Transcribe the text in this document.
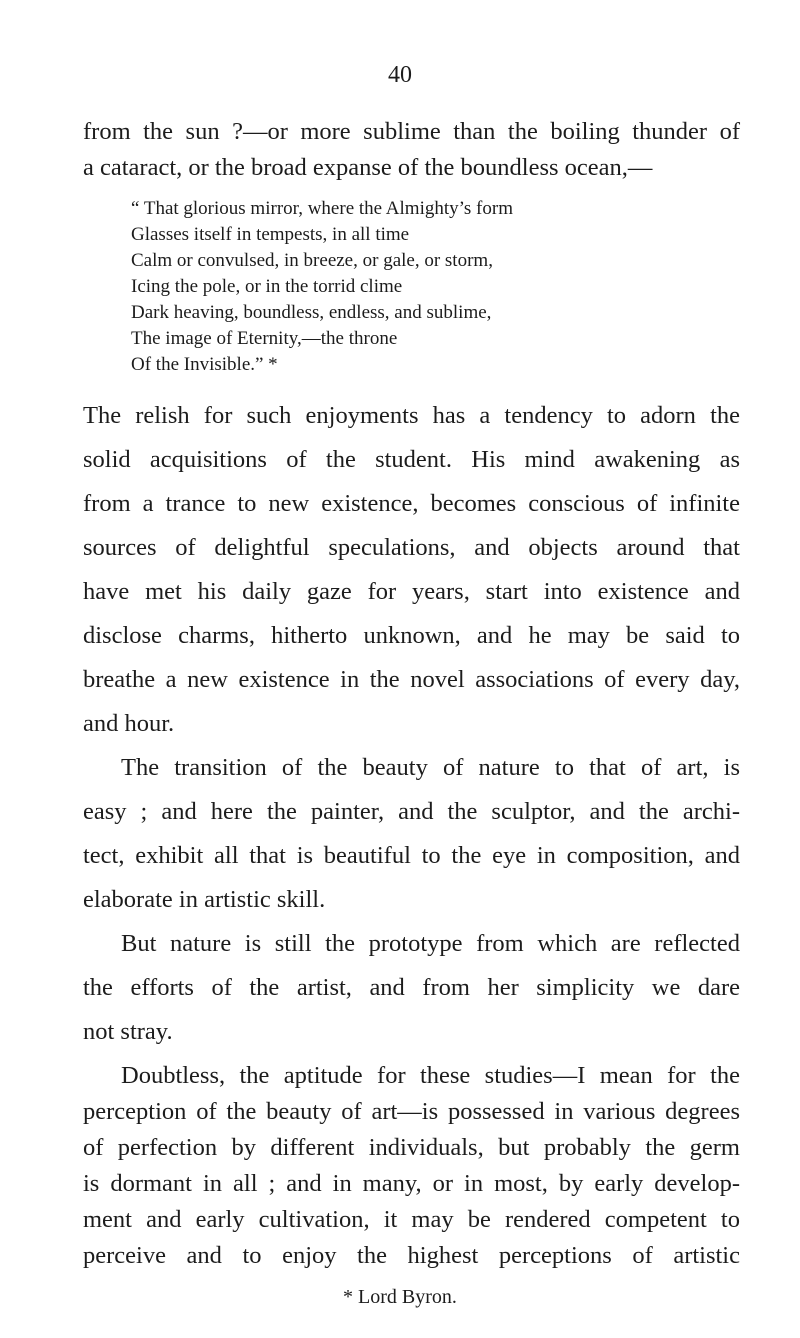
40
from the sun ?—or more sublime than the boiling thunder of
a cataract, or the broad expanse of the boundless ocean,—
“ That glorious mirror, where the Almighty’s form
Glasses itself in tempests, in all time
Calm or convulsed, in breeze, or gale, or storm,
Icing the pole, or in the torrid clime
Dark heaving, boundless, endless, and sublime,
The image of Eternity,—the throne
Of the Invisible.” *
The relish for such enjoyments has a tendency to adorn the
solid acquisitions of the student. His mind awakening as
from a trance to new existence, becomes conscious of infinite
sources of delightful speculations, and objects around that
have met his daily gaze for years, start into existence and
disclose charms, hitherto unknown, and he may be said to
breathe a new existence in the novel associations of every day,
and hour.
The transition of the beauty of nature to that of art, is
easy ; and here the painter, and the sculptor, and the archi-
tect, exhibit all that is beautiful to the eye in composition, and
elaborate in artistic skill.
But nature is still the prototype from which are reflected
the efforts of the artist, and from her simplicity we dare
not stray.
Doubtless, the aptitude for these studies—I mean for the
perception of the beauty of art—is possessed in various degrees
of perfection by different individuals, but probably the germ
is dormant in all ; and in many, or in most, by early develop-
ment and early cultivation, it may be rendered competent to
* Lord Byron.
perceive and to enjoy the highest perceptions of artistic
